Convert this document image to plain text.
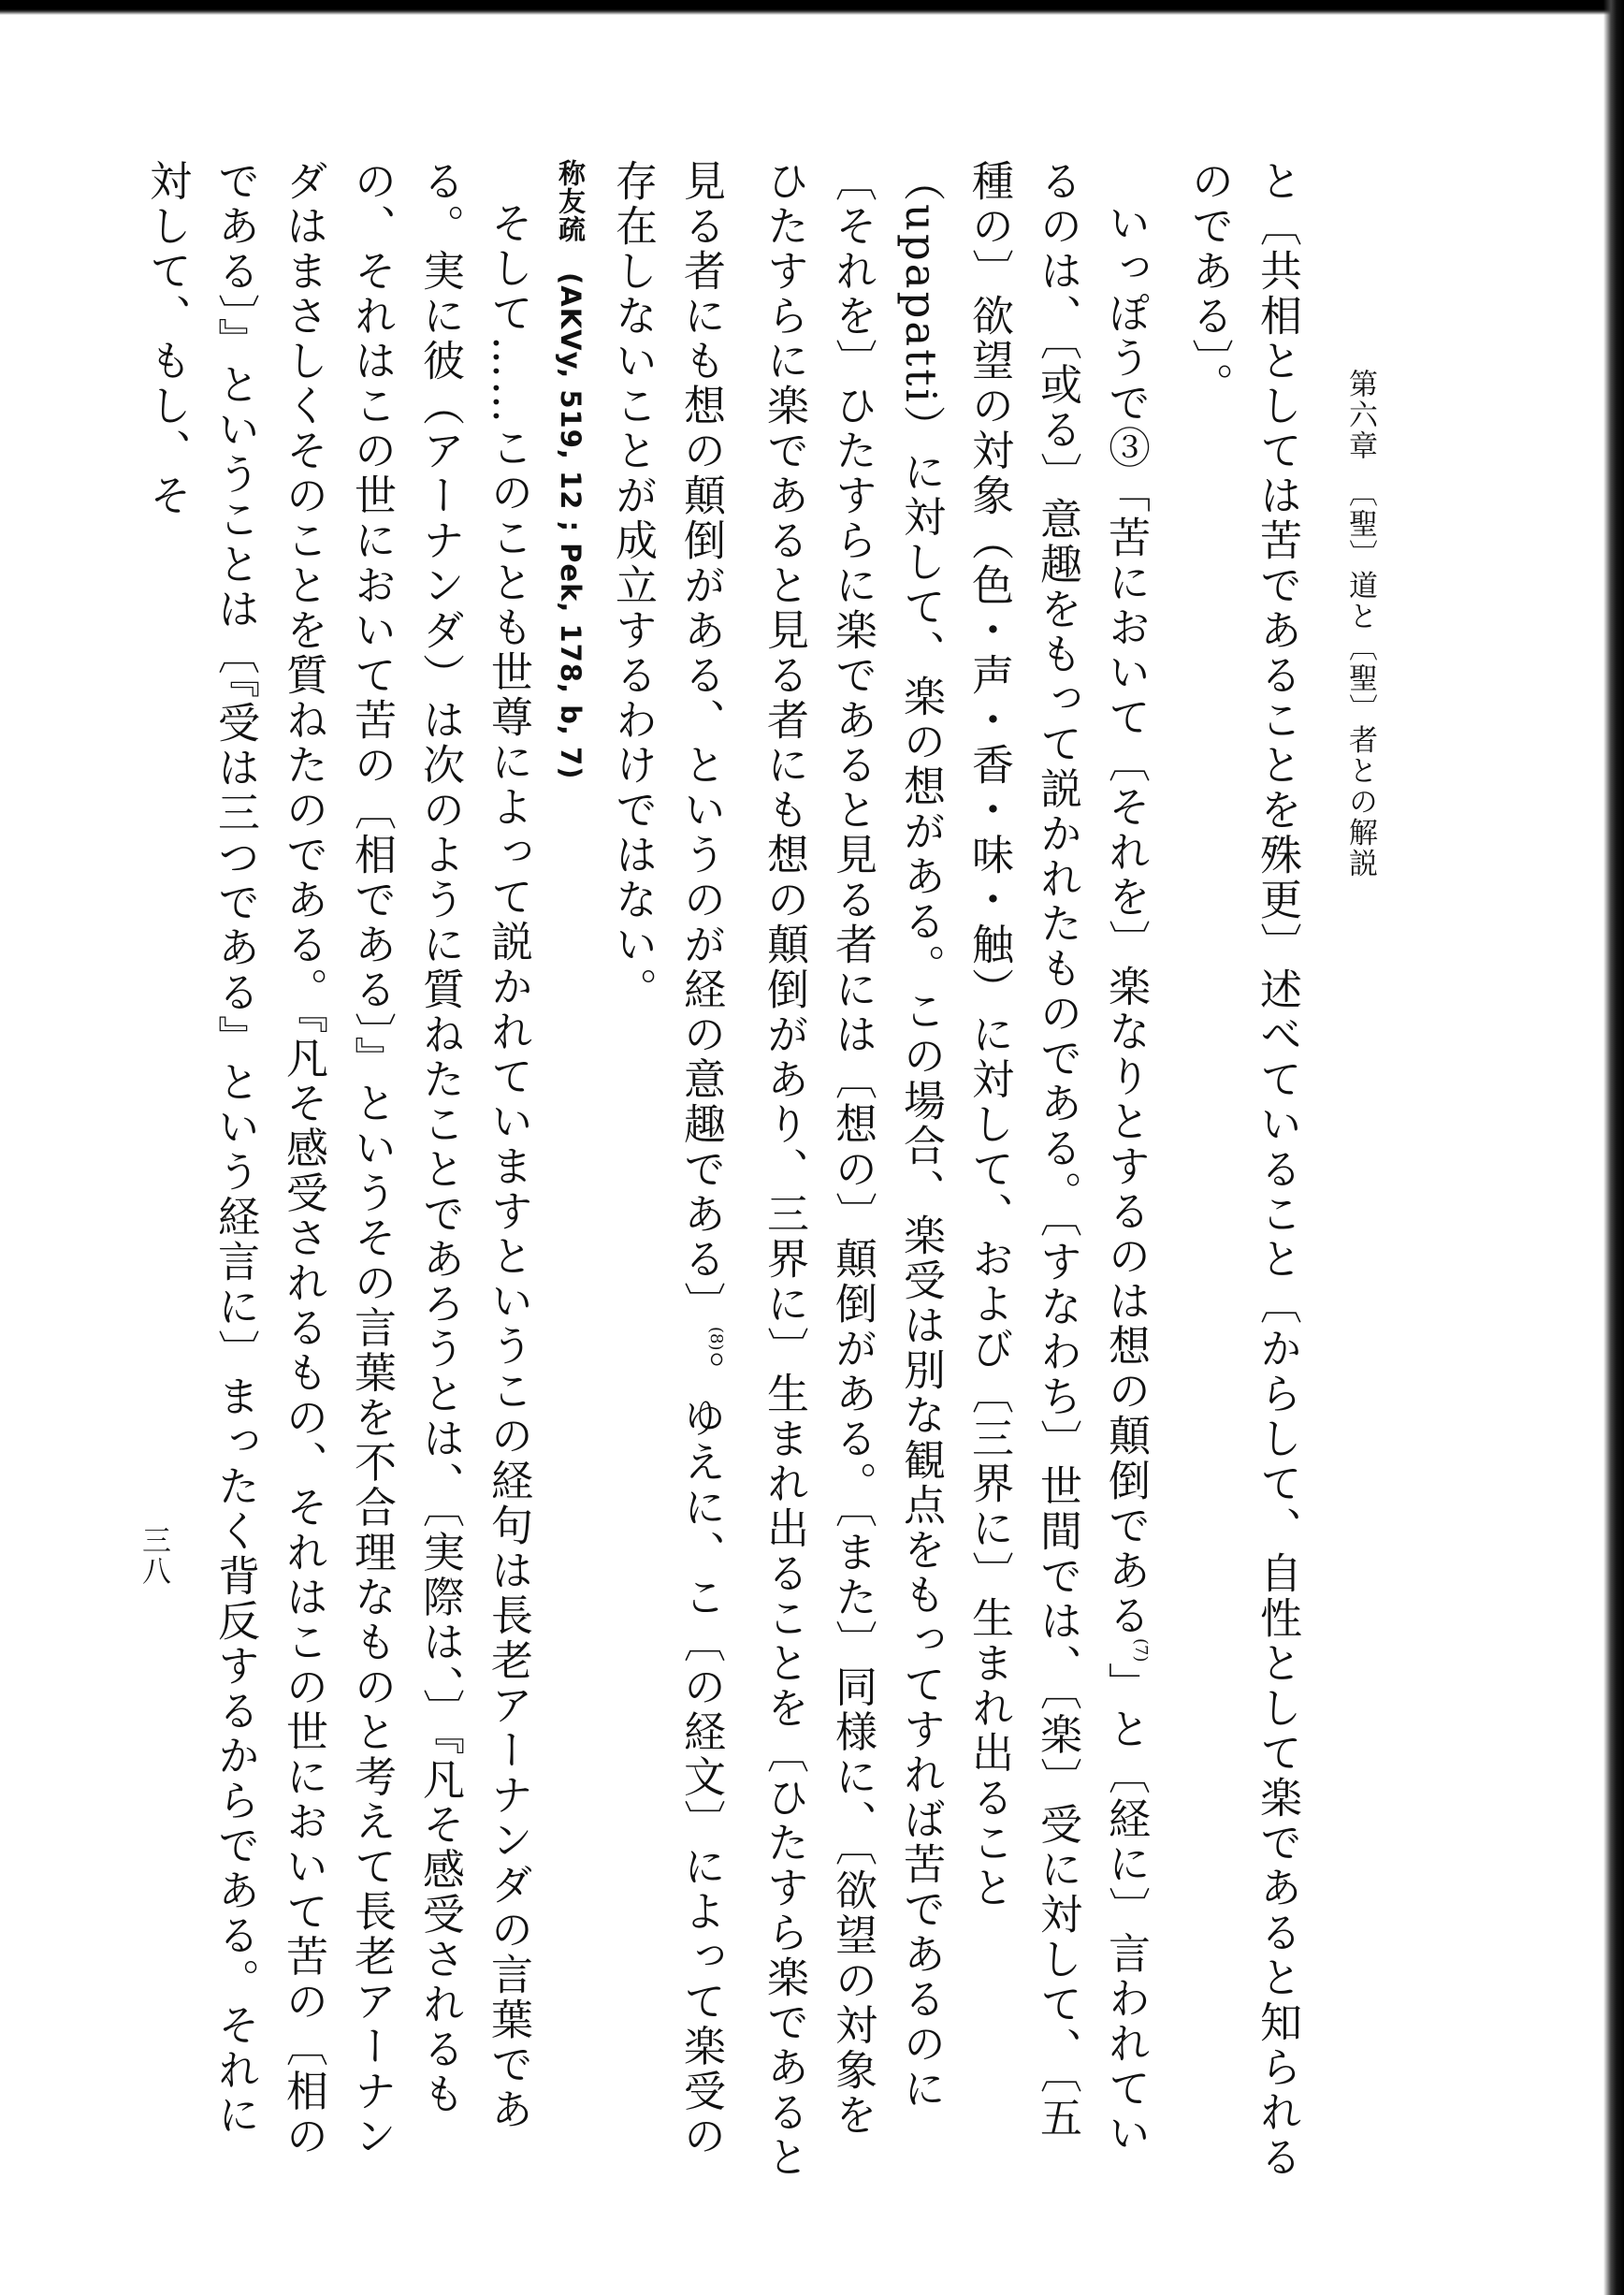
第六章　〔聖〕道と〔聖〕者との解説
三八	と〔共相としては苦であることを殊更〕述べていること〔からして、自性として楽であると知られるのである〕。

いっぽうで③「苦において〔それを〕楽なりとするのは想の顛倒である$^{(7)}$」と〔経に〕言われているのは、〔或る〕意趣をもって説かれたものである。〔すなわち〕世間では、〔楽〕受に対して、〔五種の〕欲望の対象（色・声・香・味・触）に対して、および〔三界に〕生まれ出ること（upapatti）に対して、楽の想がある。この場合、楽受は別な観点をもってすれば苦であるのに〔それを〕ひたすらに楽であると見る者には〔想の〕顛倒がある。〔また〕同様に、〔欲望の対象をひたすらに楽であると見る者にも想の顛倒があり、三界に〕生まれ出ることを〔ひたすら楽であると見る者にも想の顛倒がある、というのが経の意趣である〕$^{(8)}$。ゆえに、こ〔の経文〕によって楽受の存在しないことが成立するわけではない。

称友疏 (AKVy, 519, 12 ; Pek, 178, b, 7)

そして……このことも世尊によって説かれていますというこの経句は長老アーナンダの言葉である。実に彼（アーナンダ）は次のように質ねたことであろうとは、〔実際は、〕『凡そ感受されるもの、それはこの世において苦の〔相である〕』というその言葉を不合理なものと考えて長老アーナンダはまさしくそのことを質ねたのである。『凡そ感受されるもの、それはこの世において苦の〔相のである〕』ということは〔『受は三つである』という経言に〕まったく背反するからである。それに対して、もし、そ
